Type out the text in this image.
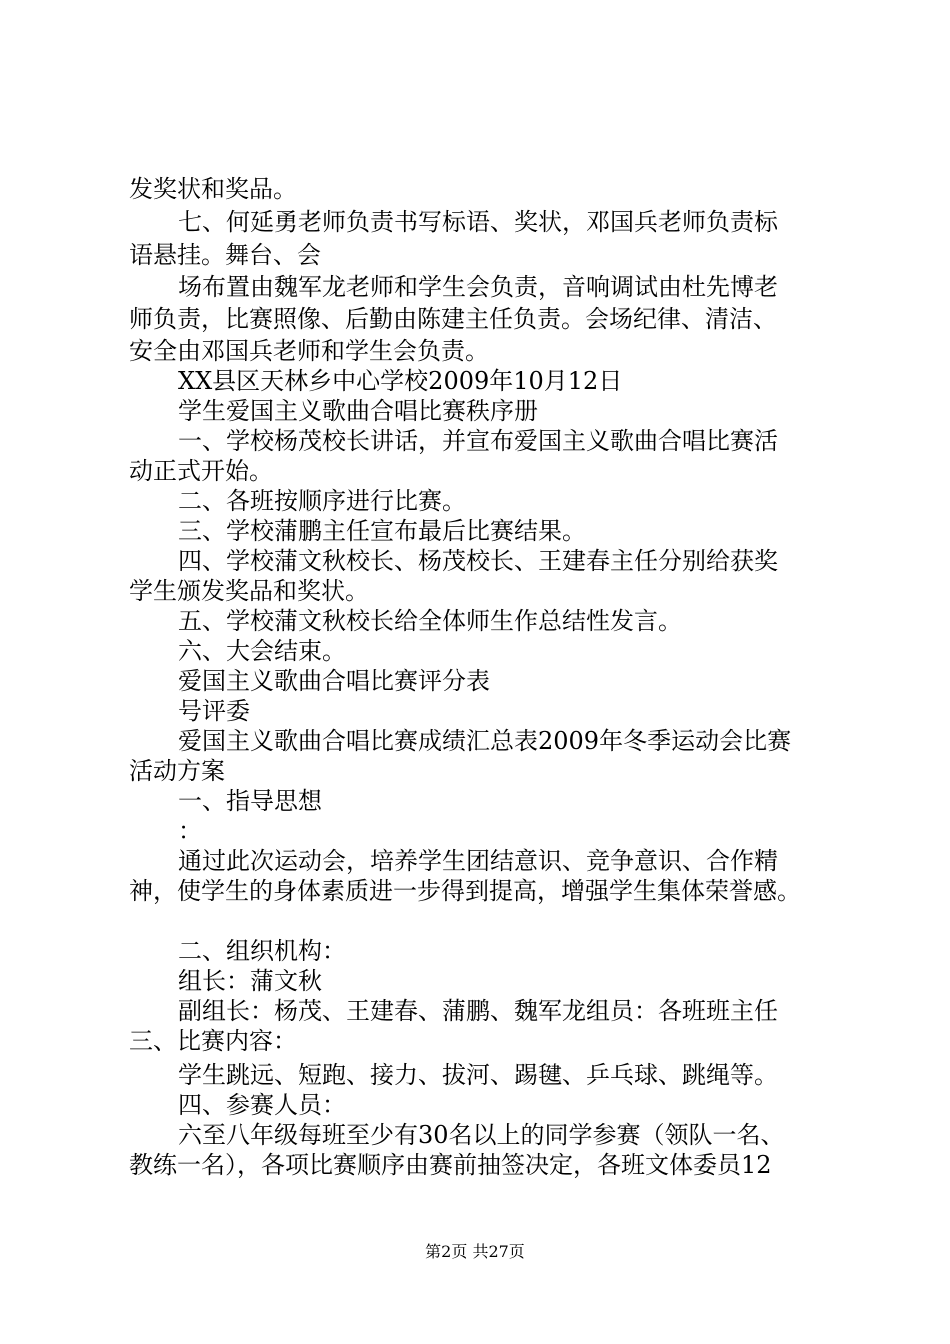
发奖状和奖品。
七、何延勇老师负责书写标语、奖状，邓国兵老师负责标
语悬挂。舞台、会
场布置由魏军龙老师和学生会负责，音响调试由杜先博老
师负责，比赛照像、后勤由陈建主任负责。会场纪律、清洁、
安全由邓国兵老师和学生会负责。
XX县区天林乡中心学校2009年10月12日
学生爱国主义歌曲合唱比赛秩序册
一、学校杨茂校长讲话，并宣布爱国主义歌曲合唱比赛活
动正式开始。
二、各班按顺序进行比赛。
三、学校蒲鹏主任宣布最后比赛结果。
四、学校蒲文秋校长、杨茂校长、王建春主任分别给获奖
学生颁发奖品和奖状。
五、学校蒲文秋校长给全体师生作总结性发言。
六、大会结束。
爱国主义歌曲合唱比赛评分表
号评委
爱国主义歌曲合唱比赛成绩汇总表2009年冬季运动会比赛
活动方案
一、指导思想
：
通过此次运动会，培养学生团结意识、竞争意识、合作精
神，使学生的身体素质进一步得到提高，增强学生集体荣誉感。
二、组织机构：
组长：蒲文秋
副组长：杨茂、王建春、蒲鹏、魏军龙组员：各班班主任
三、比赛内容：
学生跳远、短跑、接力、拔河、踢毽、乒乓球、跳绳等。
四、参赛人员：
六至八年级每班至少有30名以上的同学参赛（领队一名、
教练一名），各项比赛顺序由赛前抽签决定，各班文体委员12
第2页 共27页
